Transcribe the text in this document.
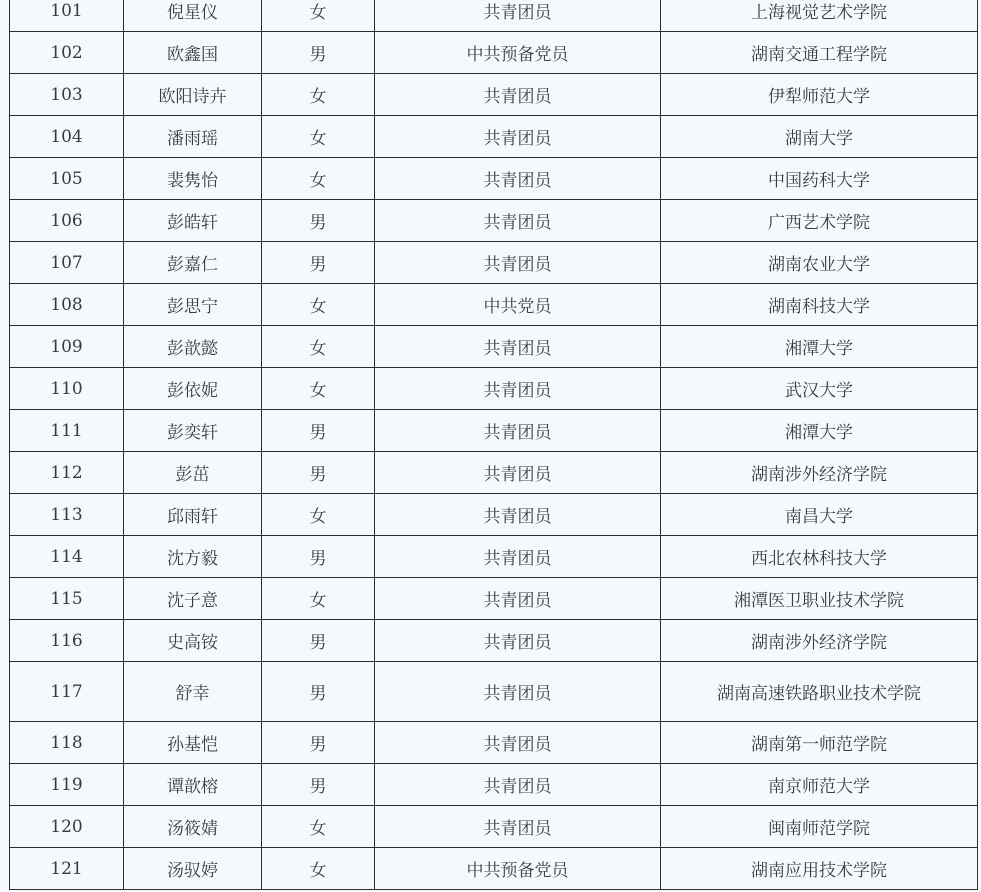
101	倪星仪	女	共青团员	上海视觉艺术学院
102	欧鑫国	男	中共预备党员	湖南交通工程学院
103	欧阳诗卉	女	共青团员	伊犁师范大学
104	潘雨瑶	女	共青团员	湖南大学
105	裴隽怡	女	共青团员	中国药科大学
106	彭皓轩	男	共青团员	广西艺术学院
107	彭嘉仁	男	共青团员	湖南农业大学
108	彭思宁	女	中共党员	湖南科技大学
109	彭歆懿	女	共青团员	湘潭大学
110	彭依妮	女	共青团员	武汉大学
111	彭奕轩	男	共青团员	湘潭大学
112	彭茁	男	共青团员	湖南涉外经济学院
113	邱雨轩	女	共青团员	南昌大学
114	沈方毅	男	共青团员	西北农林科技大学
115	沈子意	女	共青团员	湘潭医卫职业技术学院
116	史高铵	男	共青团员	湖南涉外经济学院
117	舒幸	男	共青团员	湖南高速铁路职业技术学院
118	孙基恺	男	共青团员	湖南第一师范学院
119	谭歆榕	男	共青团员	南京师范大学
120	汤筱婧	女	共青团员	闽南师范学院
121	汤驭婷	女	中共预备党员	湖南应用技术学院
